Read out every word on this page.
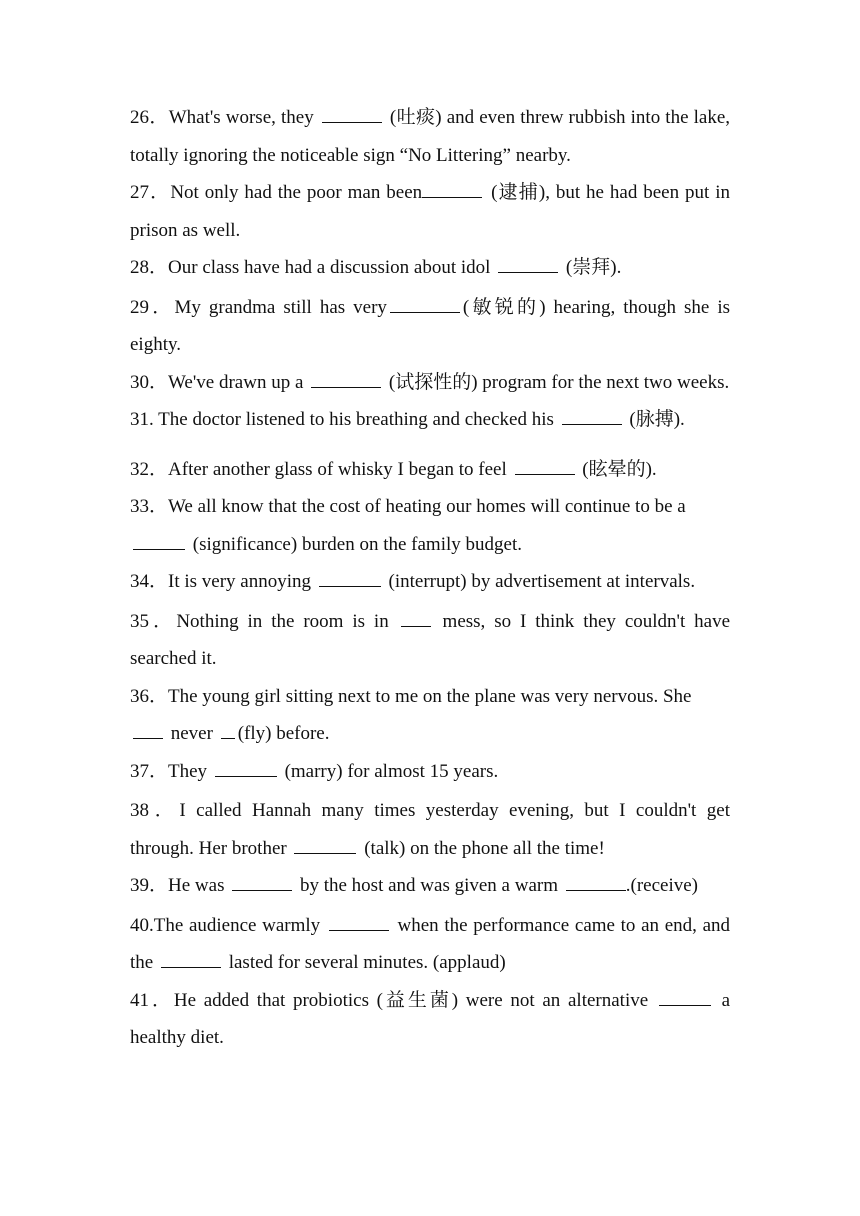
26．What's worse, they	(吐痰) and even threw rubbish into the lake, totally ignoring the noticeable sign “No Littering” nearby.
27．Not only had the poor man been	(逮捕), but he had been put in prison as well.
28．Our class have had a discussion about idol	(崇拜).
29．My grandma still has very	(敏锐的) hearing, though she is eighty.
30．We've drawn up a	(试探性的) program for the next two weeks.
31. The doctor listened to his breathing and checked his	(脉搏).
32．After another glass of whisky I began to feel	(眩晕的).
33．We all know that the cost of heating our homes will continue to be a  (significance) burden on the family budget.
34．It is very annoying	(interrupt) by advertisement at intervals.
35．Nothing in the room is in	mess, so I think they couldn't have searched it.
36．The young girl sitting next to me on the plane was very nervous. She  never (fly) before.
37．They	(marry) for almost 15 years.
38．I called Hannah many times yesterday evening, but I couldn't get through. Her brother	(talk) on the phone all the time!
39．He was	by the host and was given a warm	.(receive)
40.The audience warmly	when the performance came to an end, and the	lasted for several minutes. (applaud)
41．He added that probiotics (益生菌) were not an alternative	a healthy diet.
